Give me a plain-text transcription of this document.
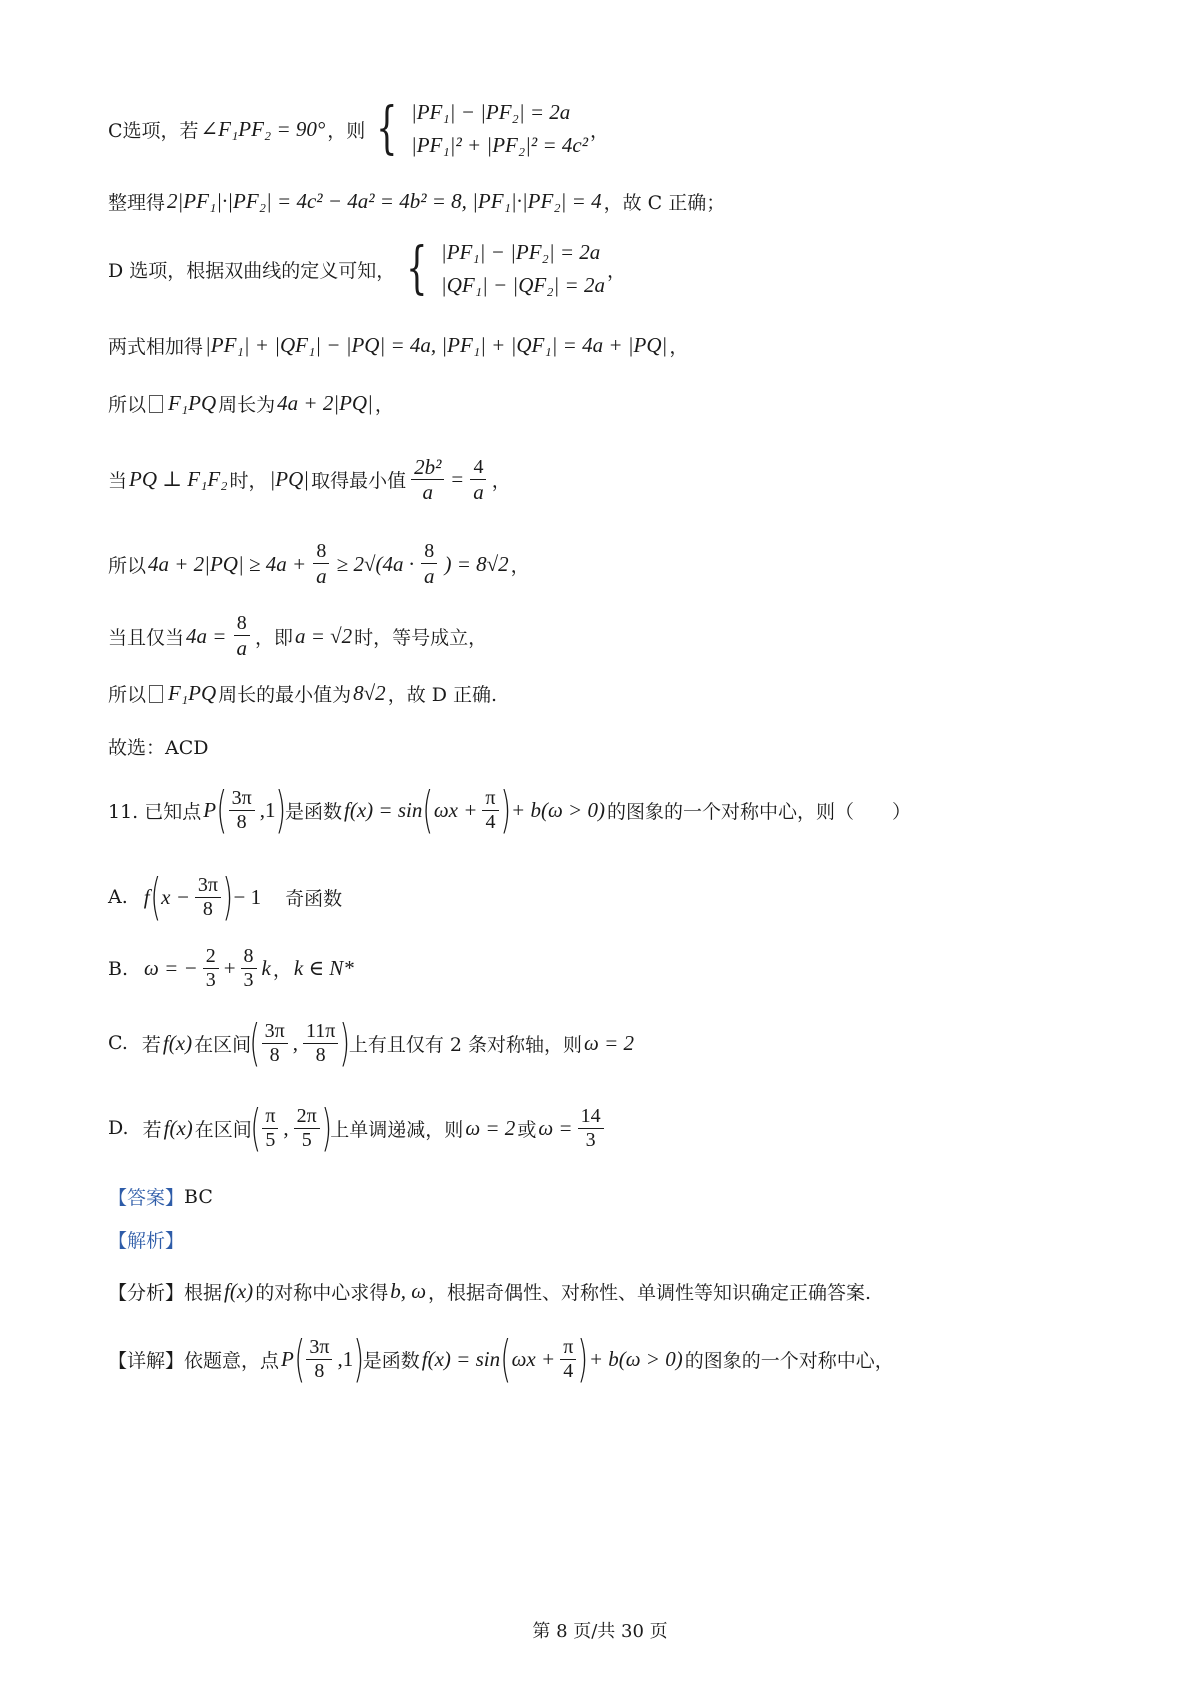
C选项，若 ∠F₁PF₂ = 90° ，则 { |PF₁| − |PF₂| = 2a
|PF₁|² + |PF₂|² = 4c²
，
整理得 2|PF₁|·|PF₂| = 4c² − 4a² = 4b² = 8, |PF₁|·|PF₂| = 4 ，故 C 正确；
D 选项，根据双曲线的定义可知， { |PF₁| − |PF₂| = 2a
|QF₁| − |QF₂| = 2a
，
两式相加得 |PF₁| + |QF₁| − |PQ| = 4a, |PF₁| + |QF₁| = 4a + |PQ| ，
所以 F₁PQ 周长为 4a + 2|PQ| ，
当 PQ ⊥ F₁F₂ 时， |PQ| 取得最小值 $\frac{\text{2b²}}{a} = \frac{4}{a}$ ，
所以 $4a + 2|PQ| \ge 4a + \frac{8}{a} \ge 2√(4a \cdot \frac{8}{a}$ ) = 8√2 ，
当且仅当 $4a = \frac{8}{a}$ ，即 a = √2 时，等号成立，
所以 F₁PQ 周长的最小值为 8√2 ，故 D 正确.
故选：ACD
11. 已知点 P ( $\frac{3\pi}{8} ,1$ )
是函数 f(x) = sin ( $\omega x + \frac{\pi}{4}$ ) + b(ω > 0) 的图象的一个对称中心，则（　　）
A. f ( $x - \frac{3\pi}{8}$ ) − 1 奇函数
B. ω = − $\frac{2}{3} + \frac{8}{3}$ k ， k ∈ N*
C. 若 f(x) 在区间
( $\frac{3\pi}{8}$ , $\frac{11\pi}{8}$ )
上有且仅有 2 条对称轴，则 ω = 2
D. 若 f(x) 在区间
( $\frac{\pi}{5}$ , $\frac{2\pi}{5}$ )
上单调递减，则 ω = 2 或 $\omega = \frac{14}{3}$
【答案】 BC
【解析】
【分析】 根据 f(x) 的对称中心求得 b, ω ，根据奇偶性、对称性、单调性等知识确定正确答案.
【详解】 依题意，点 P ( $\frac{3\pi}{8} ,1$ )
是函数 f(x) = sin ( $\omega x + \frac{\pi}{4}$ ) + b(ω > 0) 的图象的一个对称中心，
第 8 页/共 30 页
